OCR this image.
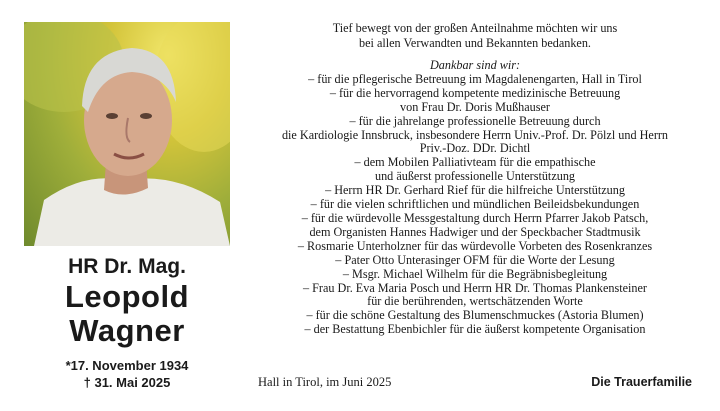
HR Dr. Mag.
Leopold
Wagner
*17. November 1934
† 31. Mai 2025

Tief bewegt von der großen Anteilnahme möchten wir uns

bei allen Verwandten und Bekannten bedanken.

Dankbar sind wir:

– für die pflegerische Betreuung im Magdalenengarten, Hall in Tirol

– für die hervorragend kompetente medizinische Betreuung

von Frau Dr. Doris Mußhauser

– für die jahrelange professionelle Betreuung durch

die Kardiologie Innsbruck, insbesondere Herrn Univ.-Prof. Dr. Pölzl und Herrn

Priv.-Doz. DDr. Dichtl

– dem Mobilen Palliativteam für die empathische

und äußerst professionelle Unterstützung

– Herrn HR Dr. Gerhard Rief für die hilfreiche Unterstützung

– für die vielen schriftlichen und mündlichen Beileidsbekundungen

– für die würdevolle Messgestaltung durch Herrn Pfarrer Jakob Patsch,

dem Organisten Hannes Hadwiger und der Speckbacher Stadtmusik

– Rosmarie Unterholzner für das würdevolle Vorbeten des Rosenkranzes

– Pater Otto Unterasinger OFM für die Worte der Lesung

– Msgr. Michael Wilhelm für die Begräbnisbegleitung

– Frau Dr. Eva Maria Posch und Herrn HR Dr. Thomas Plankensteiner

für die berührenden, wertschätzenden Worte

– für die schöne Gestaltung des Blumenschmuckes (Astoria Blumen)

– der Bestattung Ebenbichler für die äußerst kompetente Organisation

Hall in Tirol, im Juni 2025	Die Trauerfamilie
